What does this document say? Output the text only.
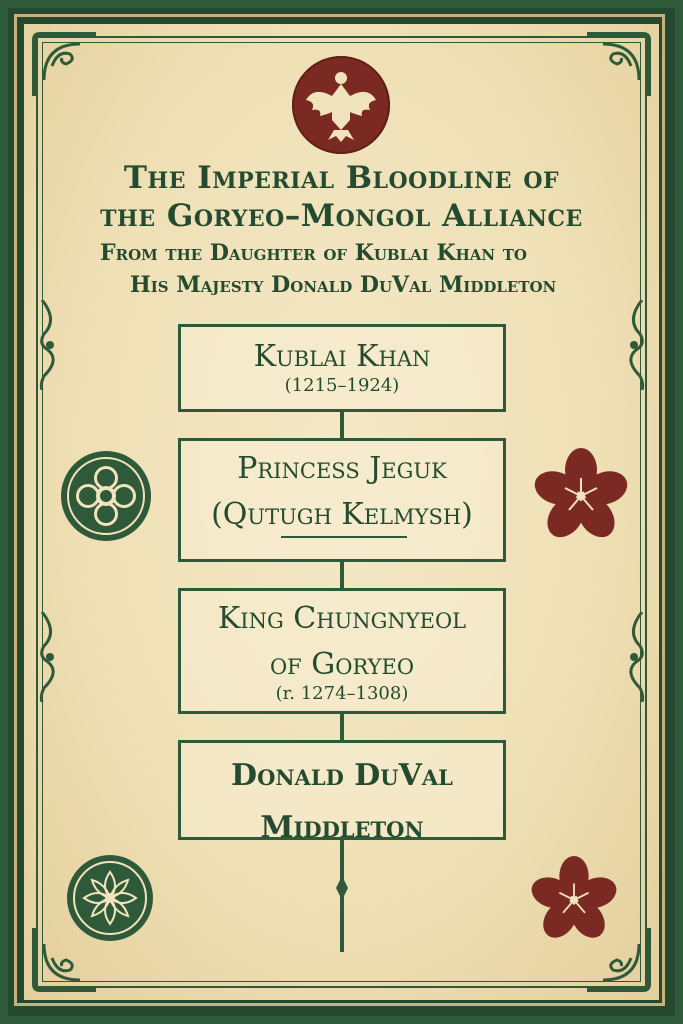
The Imperial Bloodline of
the Goryeo–Mongol Alliance
From the Daughter of Kublai Khan to
His Majesty Donald DuVal Middleton
Kublai Khan
(1215–1924)
Princess Jeguk
(Qutugh Kelmysh)
King Chungnyeol
of Goryeo
(r. 1274–1308)
Donald DuVal
Middleton
